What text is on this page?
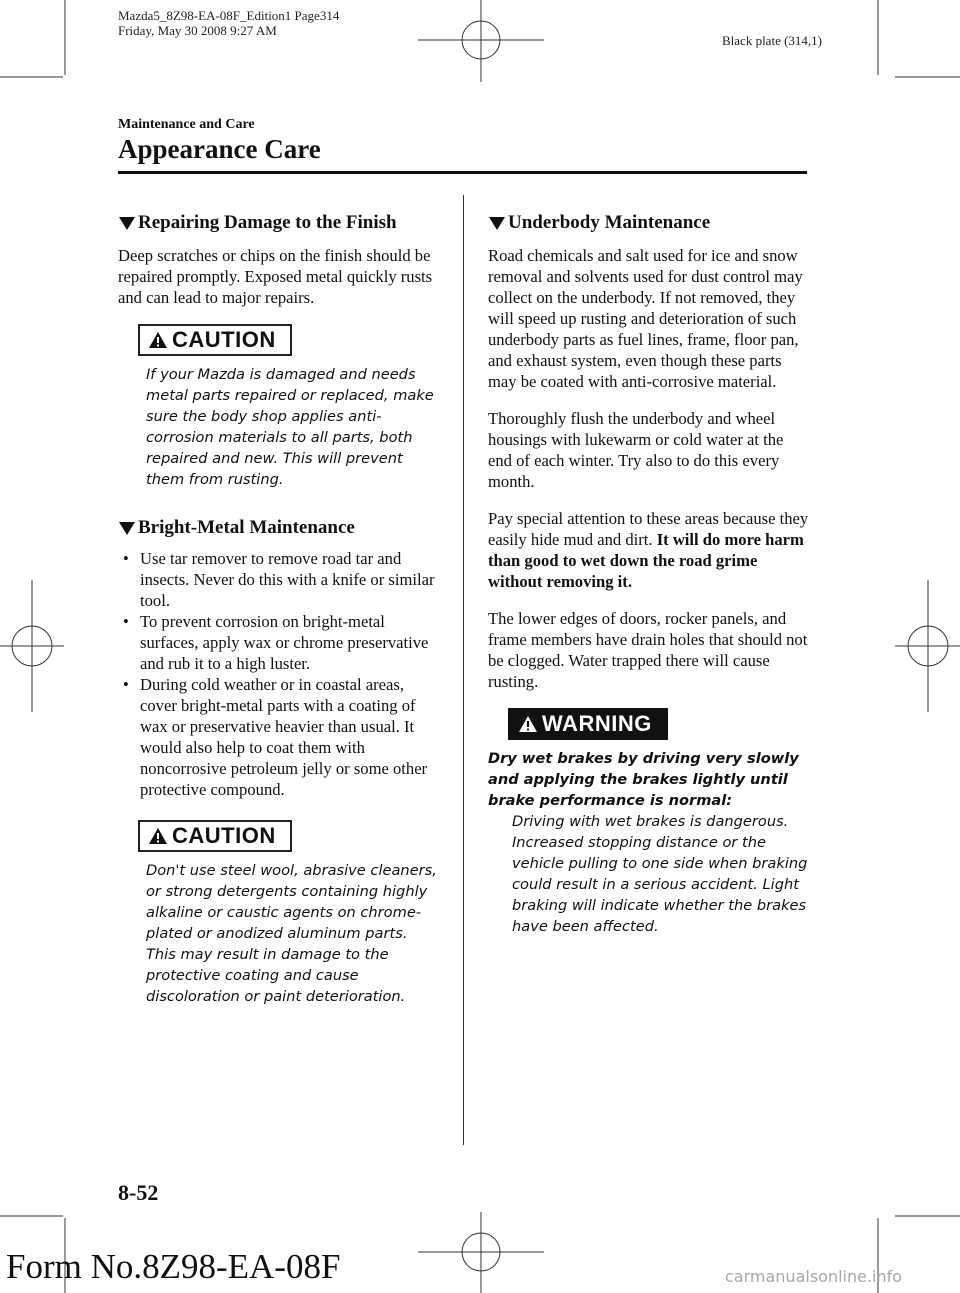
Mazda5_8Z98-EA-08F_Edition1 Page314
Friday, May 30 2008 9:27 AM
Black plate (314,1)
Maintenance and Care
Appearance Care
Repairing Damage to the Finish

Deep scratches or chips on the finish should be repaired promptly. Exposed metal quickly rusts and can lead to major repairs.

CAUTION

If your Mazda is damaged and needs metal parts repaired or replaced, make sure the body shop applies anti-corrosion materials to all parts, both repaired and new. This will prevent them from rusting.

Bright-Metal Maintenance
• Use tar remover to remove road tar and insects. Never do this with a knife or similar tool.
• To prevent corrosion on bright-metal surfaces, apply wax or chrome preservative and rub it to a high luster.
• During cold weather or in coastal areas, cover bright-metal parts with a coating of wax or preservative heavier than usual. It would also help to coat them with noncorrosive petroleum jelly or some other protective compound.
CAUTION

Don't use steel wool, abrasive cleaners, or strong detergents containing highly alkaline or caustic agents on chrome-plated or anodized aluminum parts. This may result in damage to the protective coating and cause discoloration or paint deterioration.

Underbody Maintenance

Road chemicals and salt used for ice and snow removal and solvents used for dust control may collect on the underbody. If not removed, they will speed up rusting and deterioration of such underbody parts as fuel lines, frame, floor pan, and exhaust system, even though these parts may be coated with anti-corrosive material.

Thoroughly flush the underbody and wheel housings with lukewarm or cold water at the end of each winter. Try also to do this every month.

Pay special attention to these areas because they easily hide mud and dirt. It will do more harm than good to wet down the road grime without removing it.

The lower edges of doors, rocker panels, and frame members have drain holes that should not be clogged. Water trapped there will cause rusting.

WARNING

Dry wet brakes by driving very slowly and applying the brakes lightly until brake performance is normal:

Driving with wet brakes is dangerous. Increased stopping distance or the vehicle pulling to one side when braking could result in a serious accident. Light braking will indicate whether the brakes have been affected.

8-52
Form No.8Z98-EA-08F	carmanualsonline.info
